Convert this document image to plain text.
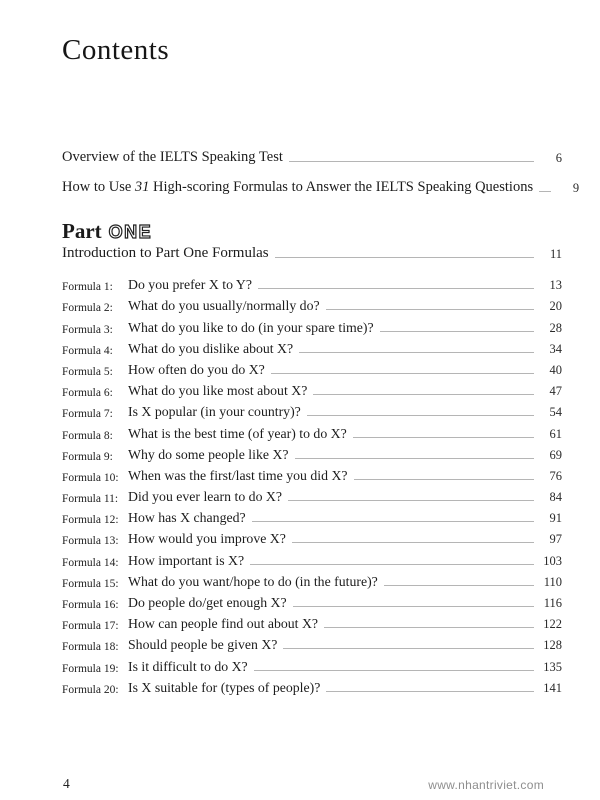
Contents
Overview of the IELTS Speaking Test	6
How to Use 31 High-scoring Formulas to Answer the IELTS Speaking Questions	9
Part ONE
Introduction to Part One Formulas	11
Formula 1:	Do you prefer X to Y?	13
Formula 2:	What do you usually/normally do?	20
Formula 3:	What do you like to do (in your spare time)?	28
Formula 4:	What do you dislike about X?	34
Formula 5:	How often do you do X?	40
Formula 6:	What do you like most about X?	47
Formula 7:	Is X popular (in your country)?	54
Formula 8:	What is the best time (of year) to do X?	61
Formula 9:	Why do some people like X?	69
Formula 10: When was the first/last time you did X?	76
Formula 11: Did you ever learn to do X?	84
Formula 12: How has X changed?	91
Formula 13: How would you improve X?	97
Formula 14: How important is X?	103
Formula 15: What do you want/hope to do (in the future)?	110
Formula 16: Do people do/get enough X?	116
Formula 17: How can people find out about X?	122
Formula 18: Should people be given X?	128
Formula 19: Is it difficult to do X?	135
Formula 20: Is X suitable for (types of people)?	141
4	www.nhantriviet.com
